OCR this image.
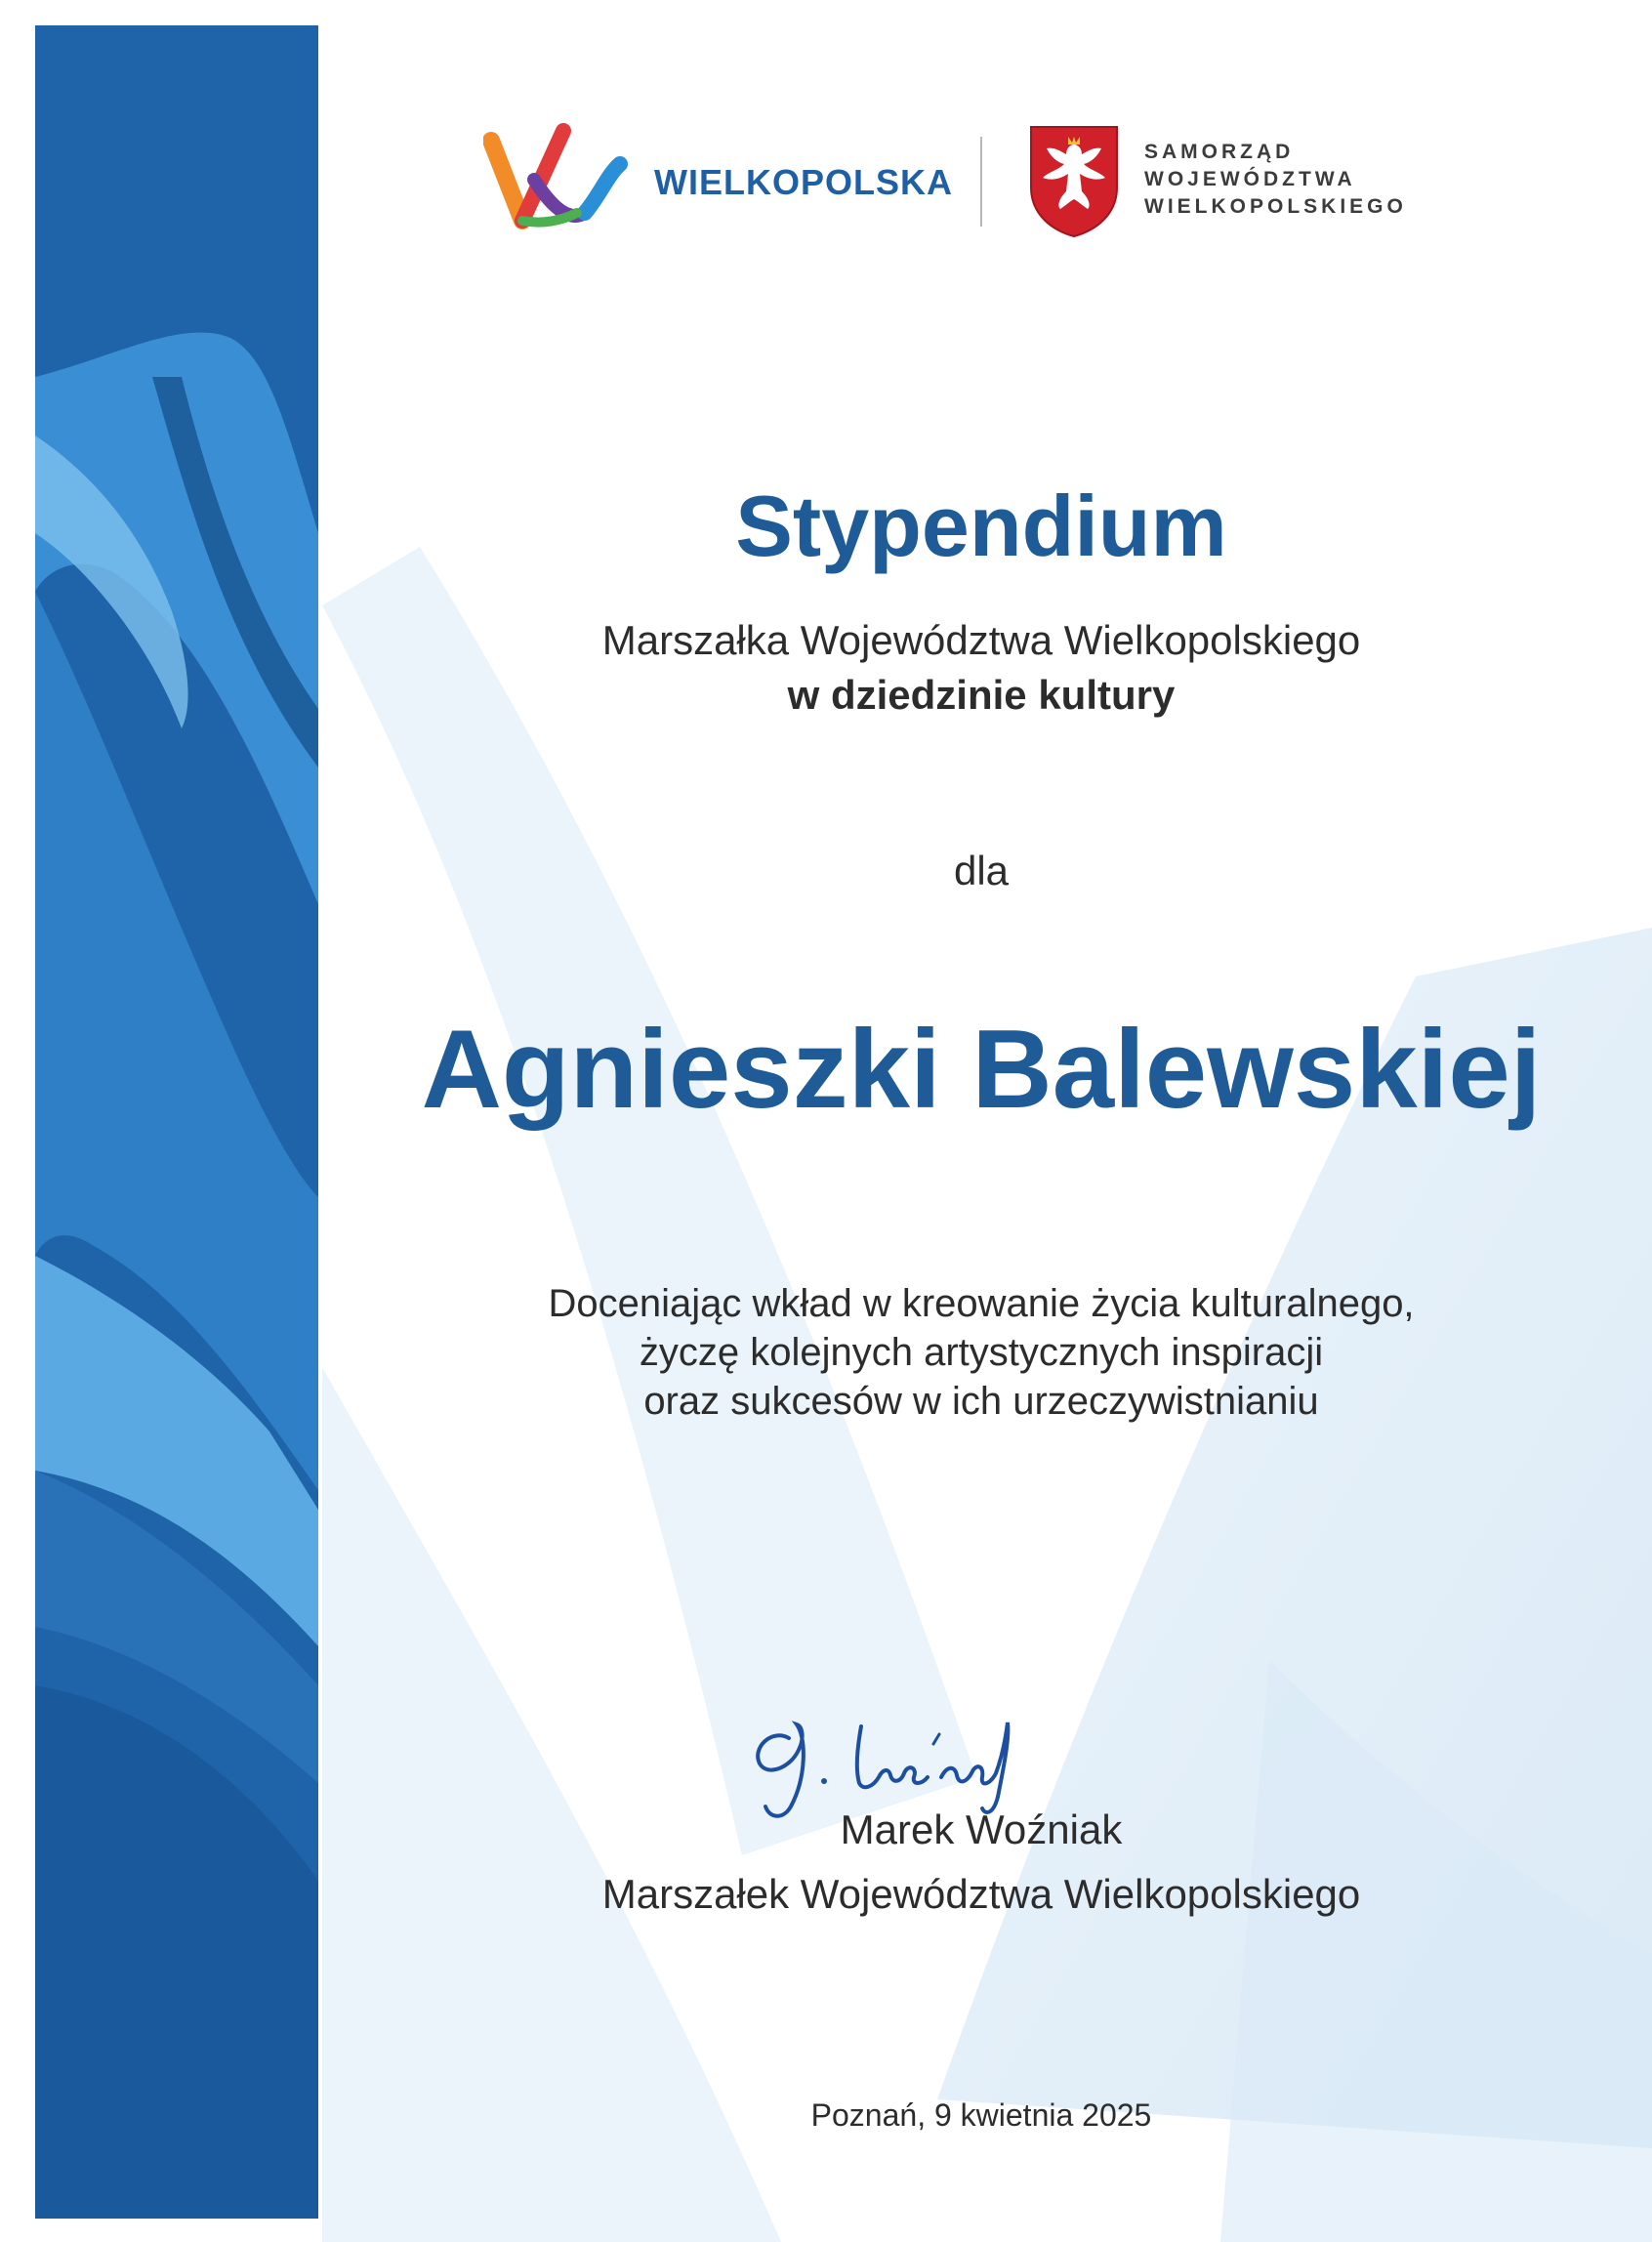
WIELKOPOLSKA
SAMORZĄD
WOJEWÓDZTWA
WIELKOPOLSKIEGO
Stypendium
Marszałka Województwa Wielkopolskiego
w dziedzinie kultury
dla
Agnieszki Balewskiej
Doceniając wkład w kreowanie życia kulturalnego,
życzę kolejnych artystycznych inspiracji
oraz sukcesów w ich urzeczywistnianiu
Marek Woźniak
Marszałek Województwa Wielkopolskiego
Poznań, 9 kwietnia 2025
